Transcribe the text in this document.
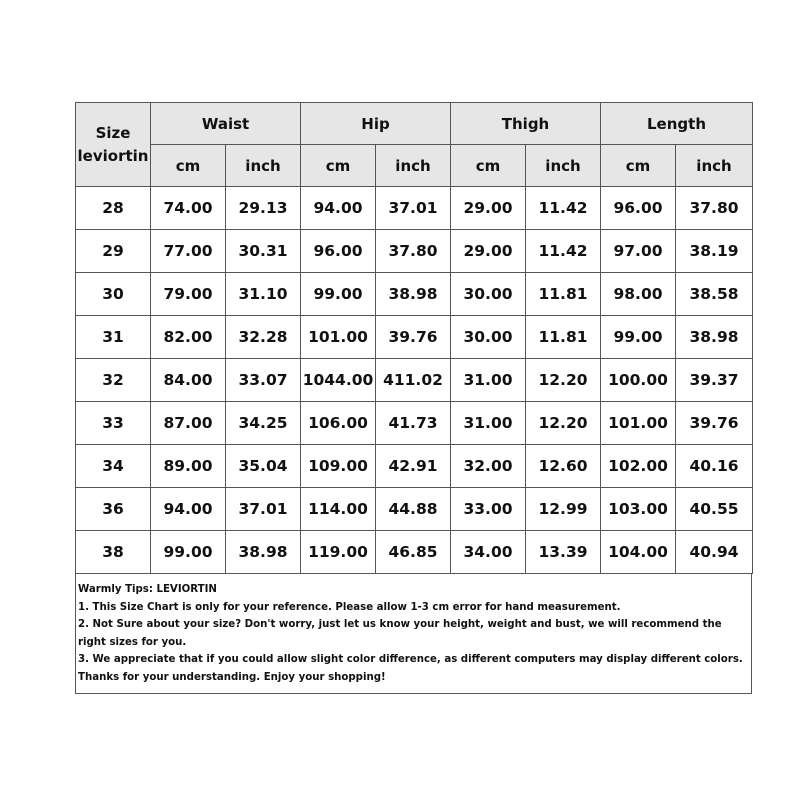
Size
leviortin	Waist		Hip		Thigh		Length	
	cm	inch	cm	inch	cm	inch	cm	inch
28	74.00	29.13	94.00	37.01	29.00	11.42	96.00	37.80
29	77.00	30.31	96.00	37.80	29.00	11.42	97.00	38.19
30	79.00	31.10	99.00	38.98	30.00	11.81	98.00	38.58
31	82.00	32.28	101.00	39.76	30.00	11.81	99.00	38.98
32	84.00	33.07	1044.00	411.02	31.00	12.20	100.00	39.37
33	87.00	34.25	106.00	41.73	31.00	12.20	101.00	39.76
34	89.00	35.04	109.00	42.91	32.00	12.60	102.00	40.16
36	94.00	37.01	114.00	44.88	33.00	12.99	103.00	40.55
38	99.00	38.98	119.00	46.85	34.00	13.39	104.00	40.94
Warmly Tips: LEVIORTIN
1. This Size Chart is only for your reference. Please allow 1-3 cm error for hand measurement.
2. Not Sure about your size? Don't worry, just let us know your height, weight and bust, we will recommend the right sizes for you.
3. We appreciate that if you could allow slight color difference, as different computers may display different colors.
Thanks for your understanding. Enjoy your shopping!
